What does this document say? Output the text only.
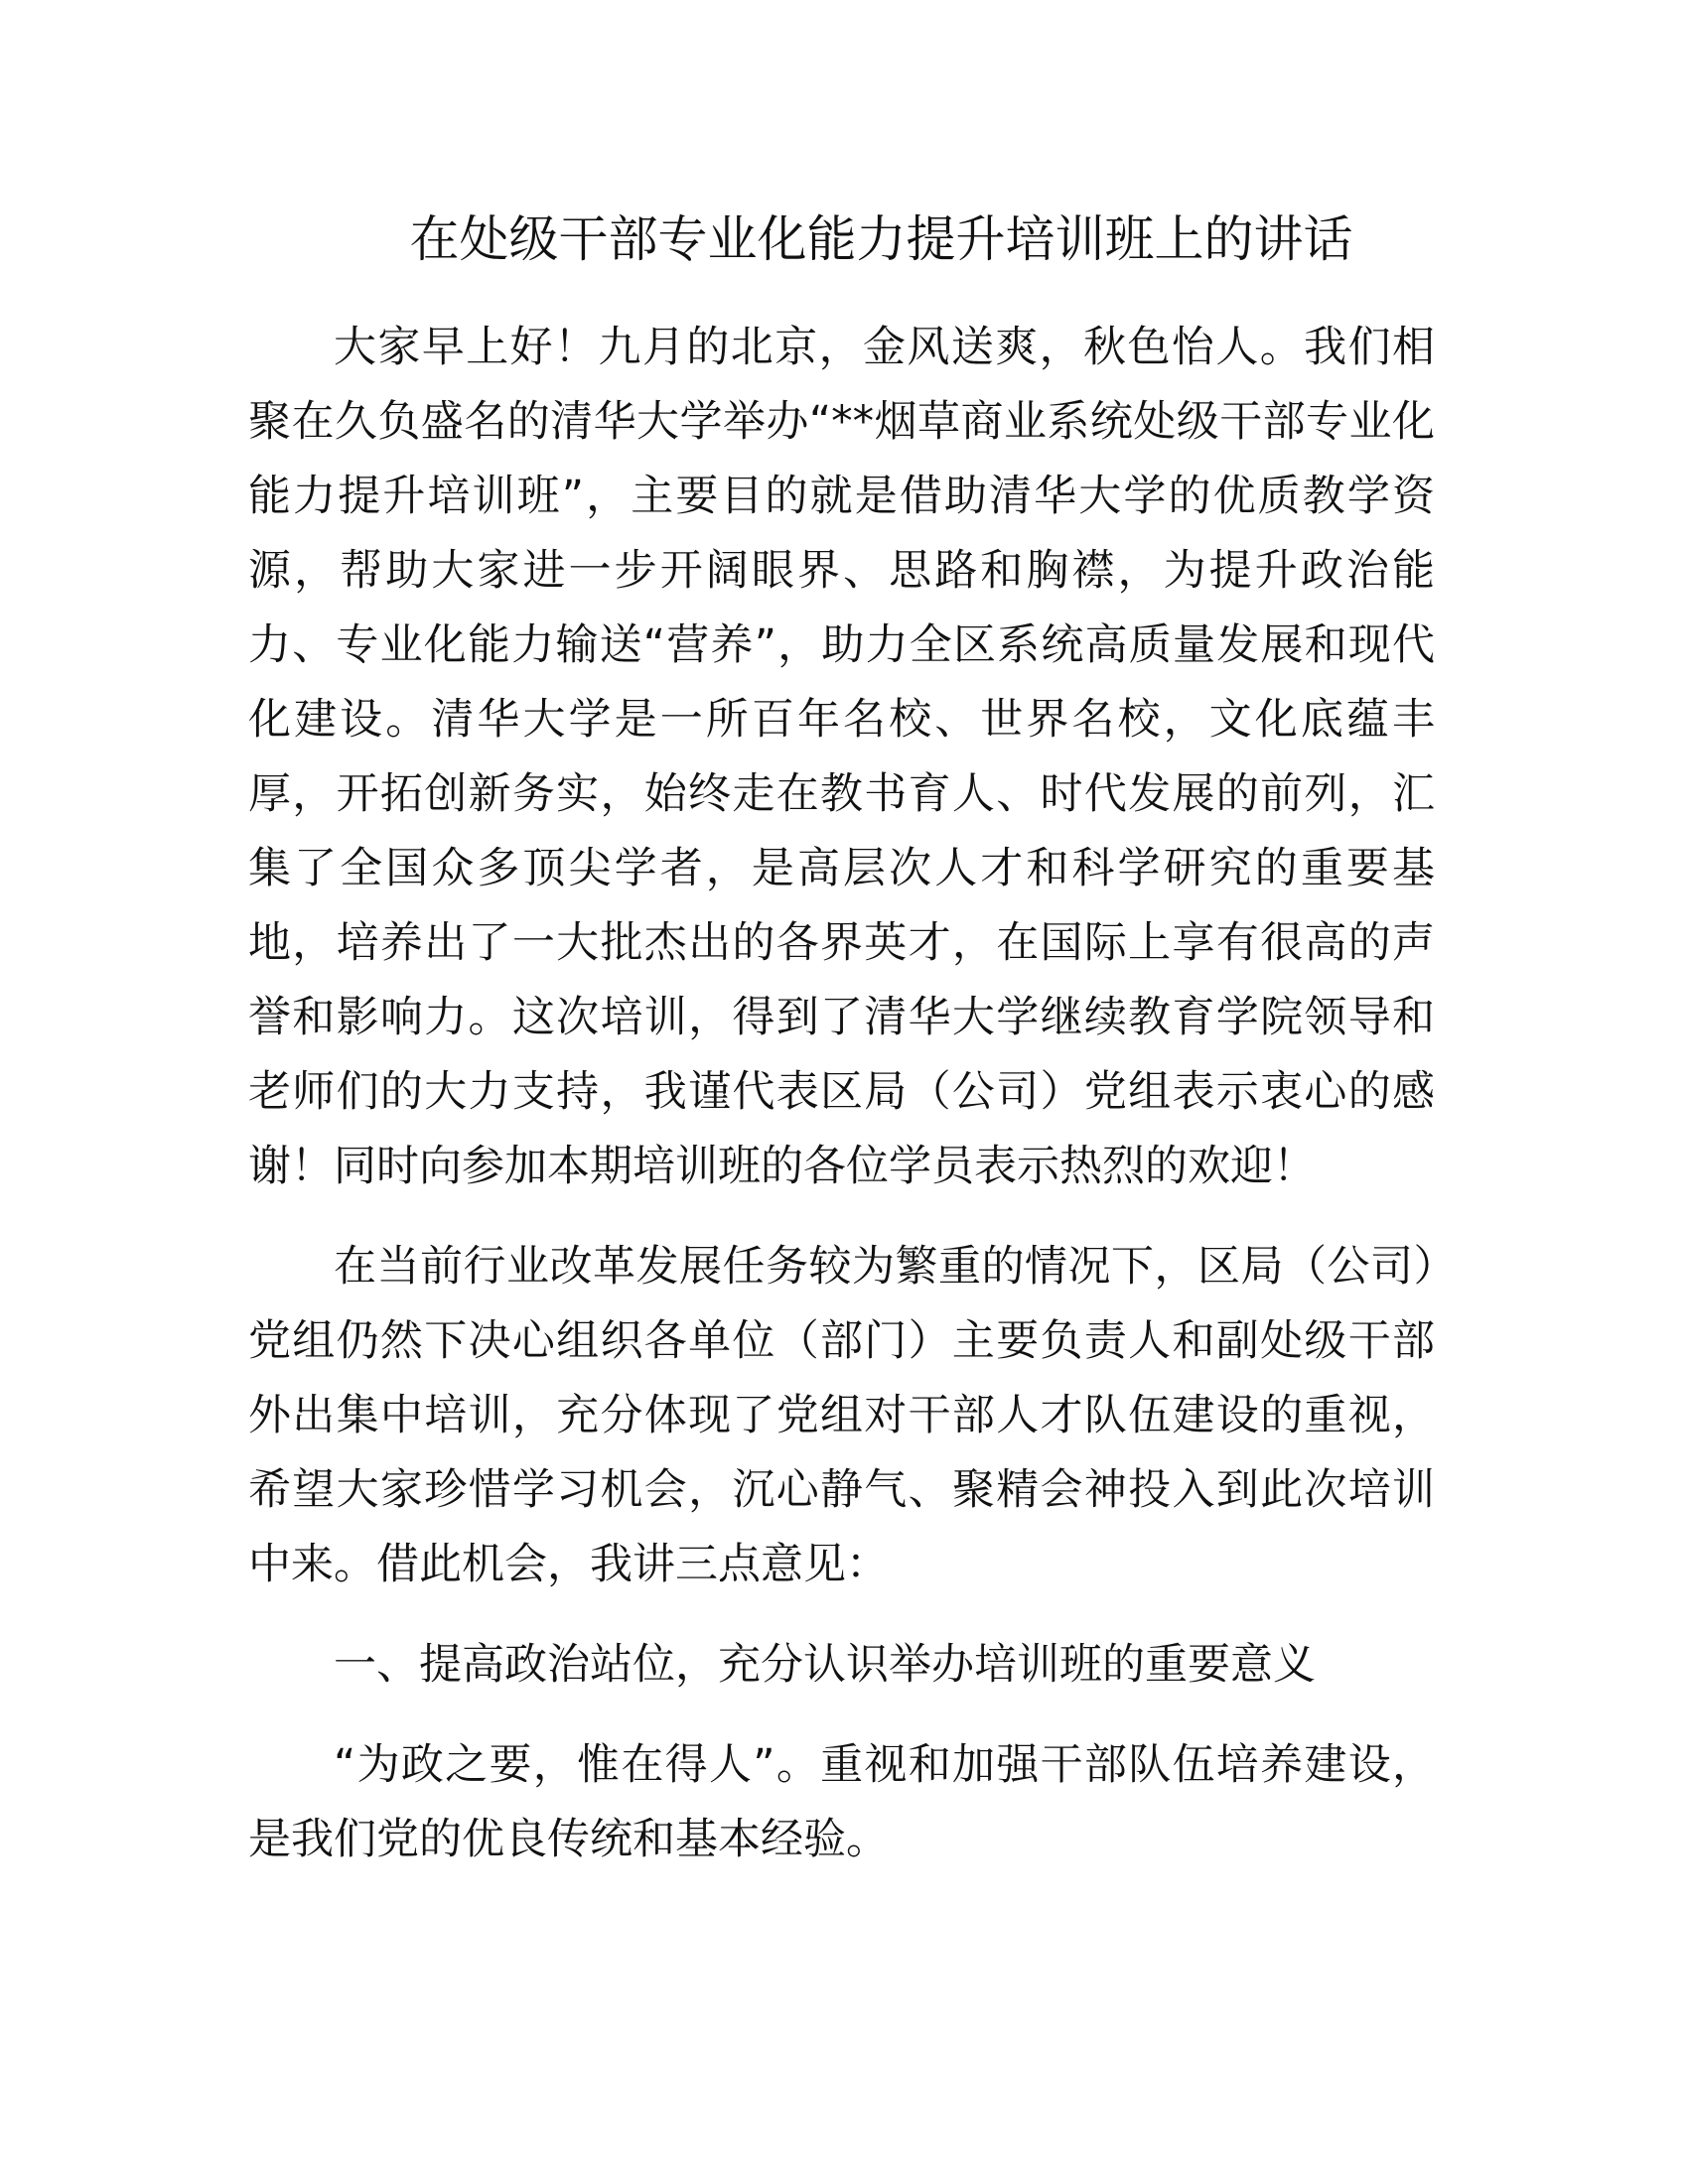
在处级干部专业化能力提升培训班上的讲话

大家早上好！九月的北京，金风送爽，秋色怡人。我们相聚在久负盛名的清华大学举办“**烟草商业系统处级干部专业化能力提升培训班”，主要目的就是借助清华大学的优质教学资源，帮助大家进一步开阔眼界、思路和胸襟，为提升政治能力、专业化能力输送“营养”，助力全区系统高质量发展和现代化建设。清华大学是一所百年名校、世界名校，文化底蕴丰厚，开拓创新务实，始终走在教书育人、时代发展的前列，汇集了全国众多顶尖学者，是高层次人才和科学研究的重要基地，培养出了一大批杰出的各界英才，在国际上享有很高的声誉和影响力。这次培训，得到了清华大学继续教育学院领导和老师们的大力支持，我谨代表区局（公司）党组表示衷心的感谢！同时向参加本期培训班的各位学员表示热烈的欢迎！

在当前行业改革发展任务较为繁重的情况下，区局（公司）党组仍然下决心组织各单位（部门）主要负责人和副处级干部外出集中培训，充分体现了党组对干部人才队伍建设的重视，希望大家珍惜学习机会，沉心静气、聚精会神投入到此次培训中来。借此机会，我讲三点意见：

一、提高政治站位，充分认识举办培训班的重要意义

“为政之要，惟在得人”。重视和加强干部队伍培养建设，是我们党的优良传统和基本经验。
